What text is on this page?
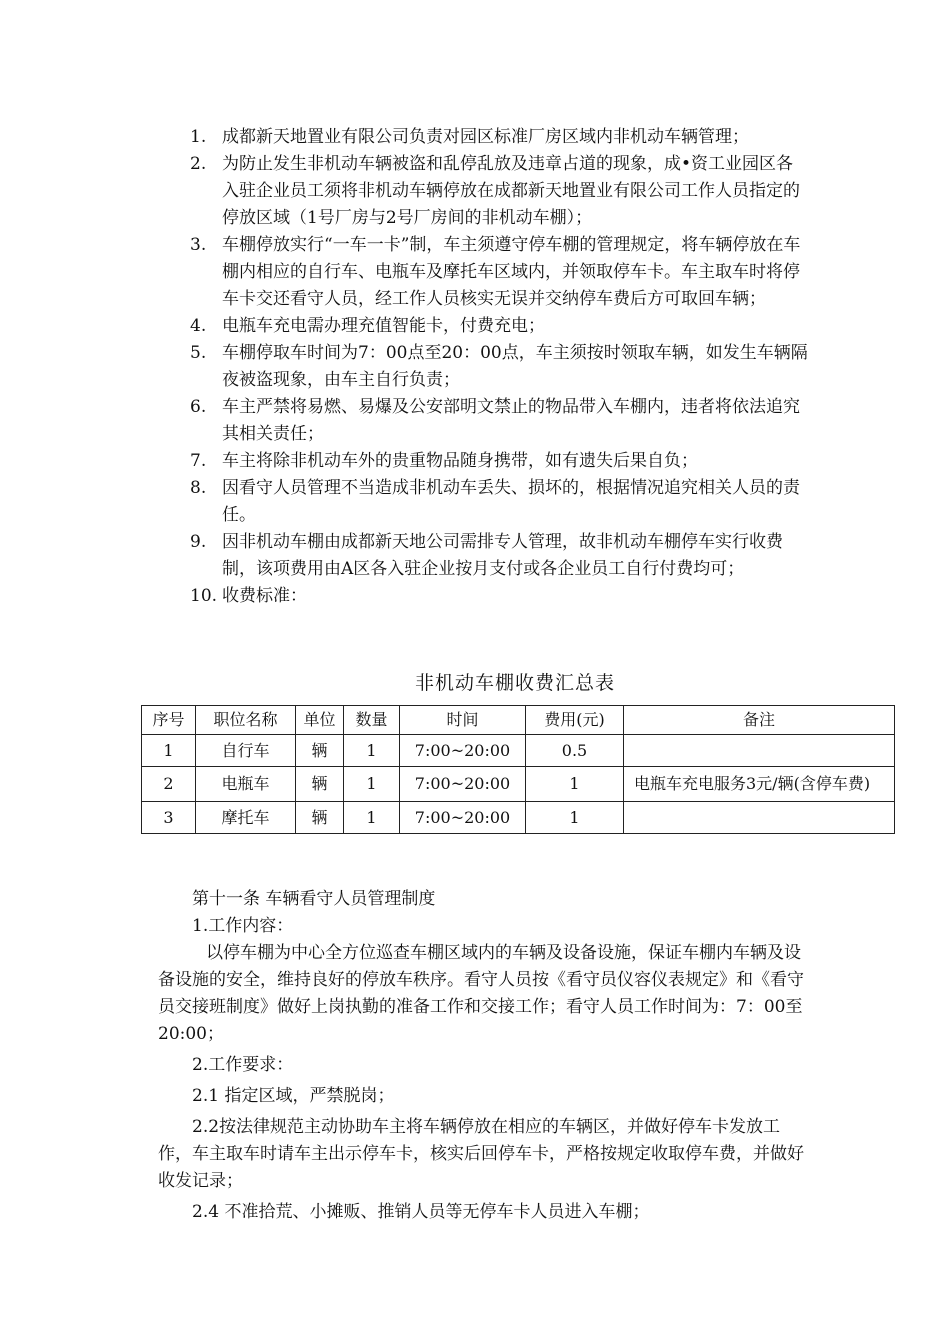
1. 成都新天地置业有限公司负责对园区标准厂房区域内非机动车辆管理；
2. 为防止发生非机动车辆被盗和乱停乱放及违章占道的现象，成•资工业园区各入驻企业员工须将非机动车辆停放在成都新天地置业有限公司工作人员指定的停放区域（1号厂房与2号厂房间的非机动车棚）；
3. 车棚停放实行“一车一卡”制，车主须遵守停车棚的管理规定，将车辆停放在车棚内相应的自行车、电瓶车及摩托车区域内，并领取停车卡。车主取车时将停车卡交还看守人员，经工作人员核实无误并交纳停车费后方可取回车辆；
4. 电瓶车充电需办理充值智能卡，付费充电；
5. 车棚停取车时间为7：00点至20：00点，车主须按时领取车辆，如发生车辆隔夜被盗现象，由车主自行负责；
6. 车主严禁将易燃、易爆及公安部明文禁止的物品带入车棚内，违者将依法追究其相关责任；
7. 车主将除非机动车外的贵重物品随身携带，如有遗失后果自负；
8. 因看守人员管理不当造成非机动车丢失、损坏的，根据情况追究相关人员的责任。
9. 因非机动车棚由成都新天地公司需排专人管理，故非机动车棚停车实行收费制，该项费用由A区各入驻企业按月支付或各企业员工自行付费均可；
10. 收费标准：
非机动车棚收费汇总表
序号	职位名称	单位	数量	时间	费用(元)	备注
1	自行车	辆	1	7:00~20:00	0.5	
2	电瓶车	辆	1	7:00~20:00	1	电瓶车充电服务3元/辆(含停车费)
3	摩托车	辆	1	7:00~20:00	1	

第十一条 车辆看守人员管理制度

1.工作内容：

以停车棚为中心全方位巡查车棚区域内的车辆及设备设施，保证车棚内车辆及设备设施的安全，维持良好的停放车秩序。看守人员按《看守员仪容仪表规定》和《看守员交接班制度》做好上岗执勤的准备工作和交接工作；看守人员工作时间为：7：00至20:00；

2.工作要求：

2.1 指定区域，严禁脱岗；

2.2按法律规范主动协助车主将车辆停放在相应的车辆区，并做好停车卡发放工作，车主取车时请车主出示停车卡，核实后回停车卡，严格按规定收取停车费，并做好收发记录；

2.4 不准拾荒、小摊贩、推销人员等无停车卡人员进入车棚；
